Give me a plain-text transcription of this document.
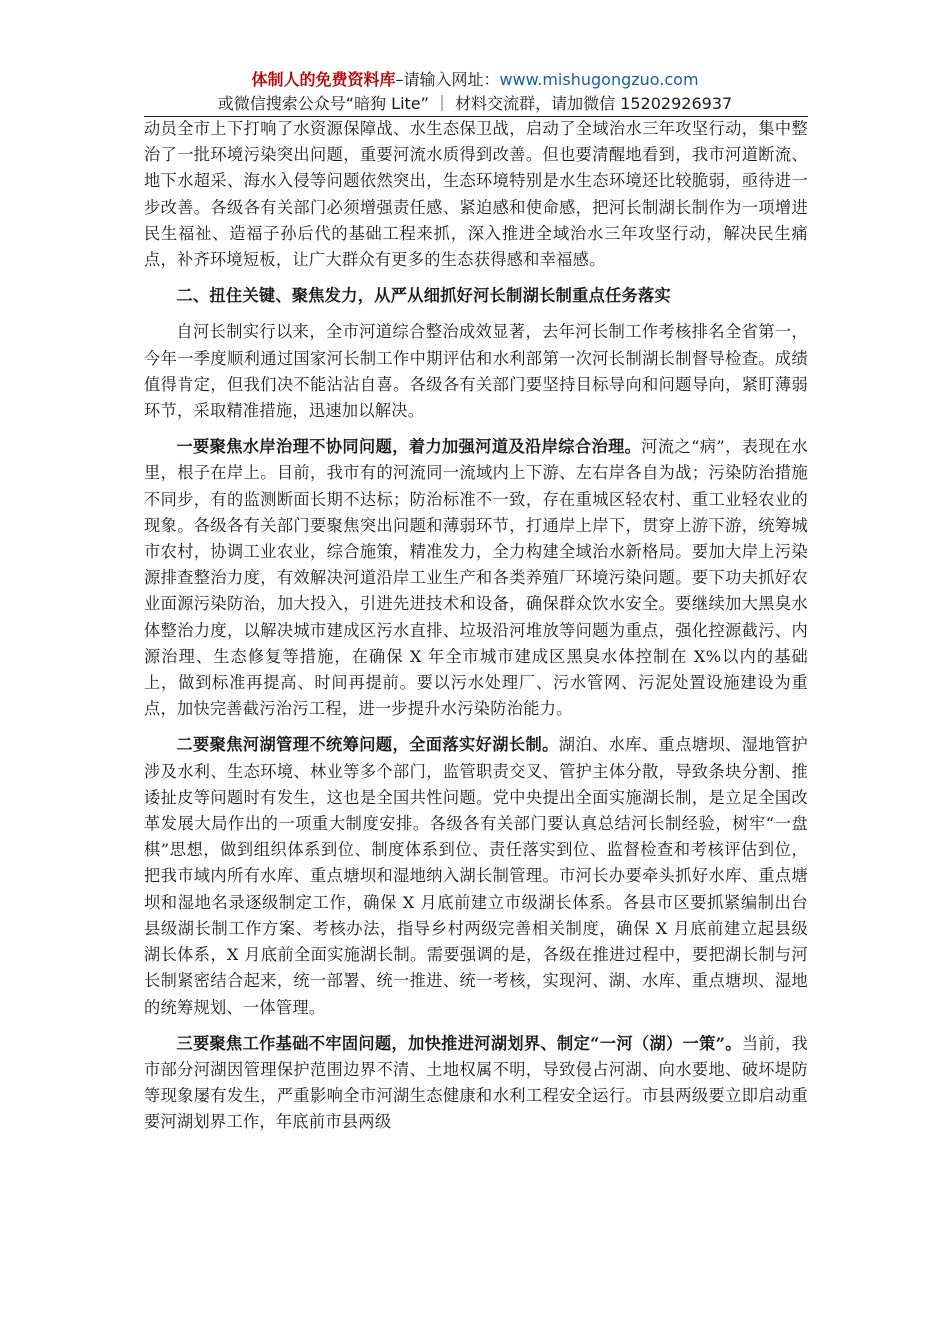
体制人的免费资料库–请输入网址：www.mishugongzuo.com
或微信搜索公众号“暗狗 Lite” ｜ 材料交流群，请加微信 15202926937

动员全市上下打响了水资源保障战、水生态保卫战，启动了全域治水三年攻坚行动，集中整治了一批环境污染突出问题，重要河流水质得到改善。但也要清醒地看到，我市河道断流、地下水超采、海水入侵等问题依然突出，生态环境特别是水生态环境还比较脆弱，亟待进一步改善。各级各有关部门必须增强责任感、紧迫感和使命感，把河长制湖长制作为一项增进民生福祉、造福子孙后代的基础工程来抓，深入推进全域治水三年攻坚行动，解决民生痛点，补齐环境短板，让广大群众有更多的生态获得感和幸福感。

二、扭住关键、聚焦发力，从严从细抓好河长制湖长制重点任务落实

自河长制实行以来，全市河道综合整治成效显著，去年河长制工作考核排名全省第一，今年一季度顺利通过国家河长制工作中期评估和水利部第一次河长制湖长制督导检查。成绩值得肯定，但我们决不能沾沾自喜。各级各有关部门要坚持目标导向和问题导向，紧盯薄弱环节，采取精准措施，迅速加以解决。

一要聚焦水岸治理不协同问题，着力加强河道及沿岸综合治理。河流之“病”，表现在水里，根子在岸上。目前，我市有的河流同一流域内上下游、左右岸各自为战；污染防治措施不同步，有的监测断面长期不达标；防治标准不一致，存在重城区轻农村、重工业轻农业的现象。各级各有关部门要聚焦突出问题和薄弱环节，打通岸上岸下，贯穿上游下游，统筹城市农村，协调工业农业，综合施策，精准发力，全力构建全域治水新格局。要加大岸上污染源排查整治力度，有效解决河道沿岸工业生产和各类养殖厂环境污染问题。要下功夫抓好农业面源污染防治，加大投入，引进先进技术和设备，确保群众饮水安全。要继续加大黑臭水体整治力度，以解决城市建成区污水直排、垃圾沿河堆放等问题为重点，强化控源截污、内源治理、生态修复等措施，在确保 X 年全市城市建成区黑臭水体控制在 X%以内的基础上，做到标准再提高、时间再提前。要以污水处理厂、污水管网、污泥处置设施建设为重点，加快完善截污治污工程，进一步提升水污染防治能力。

二要聚焦河湖管理不统筹问题，全面落实好湖长制。湖泊、水库、重点塘坝、湿地管护涉及水利、生态环境、林业等多个部门，监管职责交叉、管护主体分散，导致条块分割、推诿扯皮等问题时有发生，这也是全国共性问题。党中央提出全面实施湖长制，是立足全国改革发展大局作出的一项重大制度安排。各级各有关部门要认真总结河长制经验，树牢“一盘棋”思想，做到组织体系到位、制度体系到位、责任落实到位、监督检查和考核评估到位，把我市域内所有水库、重点塘坝和湿地纳入湖长制管理。市河长办要牵头抓好水库、重点塘坝和湿地名录逐级制定工作，确保 X 月底前建立市级湖长体系。各县市区要抓紧编制出台县级湖长制工作方案、考核办法，指导乡村两级完善相关制度，确保 X 月底前建立起县级湖长体系，X 月底前全面实施湖长制。需要强调的是，各级在推进过程中，要把湖长制与河长制紧密结合起来，统一部署、统一推进、统一考核，实现河、湖、水库、重点塘坝、湿地的统筹规划、一体管理。

三要聚焦工作基础不牢固问题，加快推进河湖划界、制定“一河（湖）一策”。当前，我市部分河湖因管理保护范围边界不清、土地权属不明，导致侵占河湖、向水要地、破坏堤防等现象屡有发生，严重影响全市河湖生态健康和水利工程安全运行。市县两级要立即启动重要河湖划界工作，年底前市县两级
